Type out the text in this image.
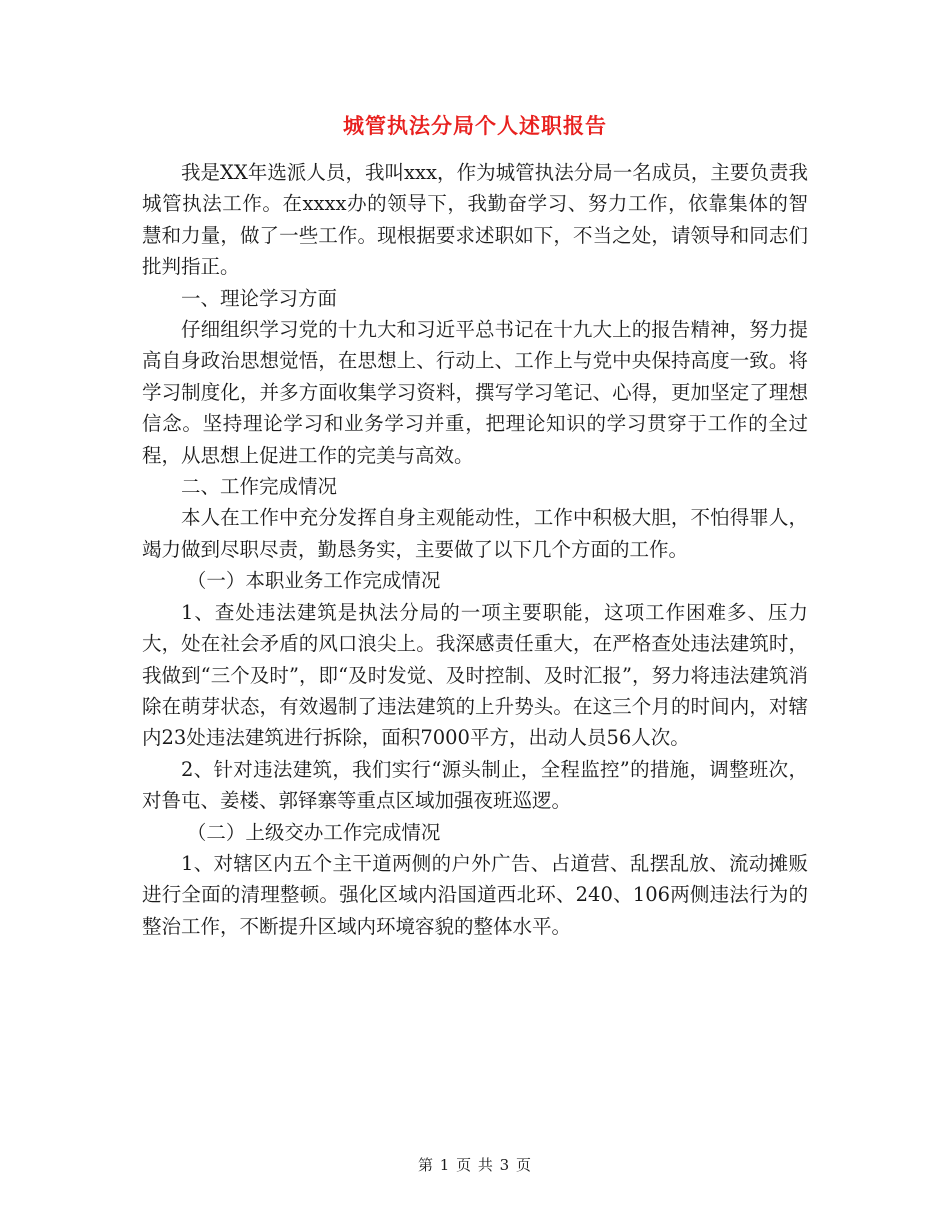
城管执法分局个人述职报告

我是XX年选派人员，我叫xxx，作为城管执法分局一名成员，主要负责我城管执法工作。在xxxx办的领导下，我勤奋学习、努力工作，依靠集体的智慧和力量，做了一些工作。现根据要求述职如下，不当之处，请领导和同志们批判指正。

一、理论学习方面

仔细组织学习党的十九大和习近平总书记在十九大上的报告精神，努力提高自身政治思想觉悟，在思想上、行动上、工作上与党中央保持高度一致。将学习制度化，并多方面收集学习资料，撰写学习笔记、心得，更加坚定了理想信念。坚持理论学习和业务学习并重，把理论知识的学习贯穿于工作的全过程，从思想上促进工作的完美与高效。

二、工作完成情况

本人在工作中充分发挥自身主观能动性，工作中积极大胆，不怕得罪人，竭力做到尽职尽责，勤恳务实，主要做了以下几个方面的工作。

（一）本职业务工作完成情况

1、查处违法建筑是执法分局的一项主要职能，这项工作困难多、压力大，处在社会矛盾的风口浪尖上。我深感责任重大，在严格查处违法建筑时，我做到“三个及时”，即“及时发觉、及时控制、及时汇报”，努力将违法建筑消除在萌芽状态，有效遏制了违法建筑的上升势头。在这三个月的时间内，对辖内23处违法建筑进行拆除，面积7000平方，出动人员56人次。

2、针对违法建筑，我们实行“源头制止，全程监控”的措施，调整班次，对鲁屯、姜楼、郭铎寨等重点区域加强夜班巡逻。

（二）上级交办工作完成情况

1、对辖区内五个主干道两侧的户外广告、占道营、乱摆乱放、流动摊贩进行全面的清理整顿。强化区域内沿国道西北环、240、106两侧违法行为的整治工作，不断提升区域内环境容貌的整体水平。

第 1 页 共 3 页
